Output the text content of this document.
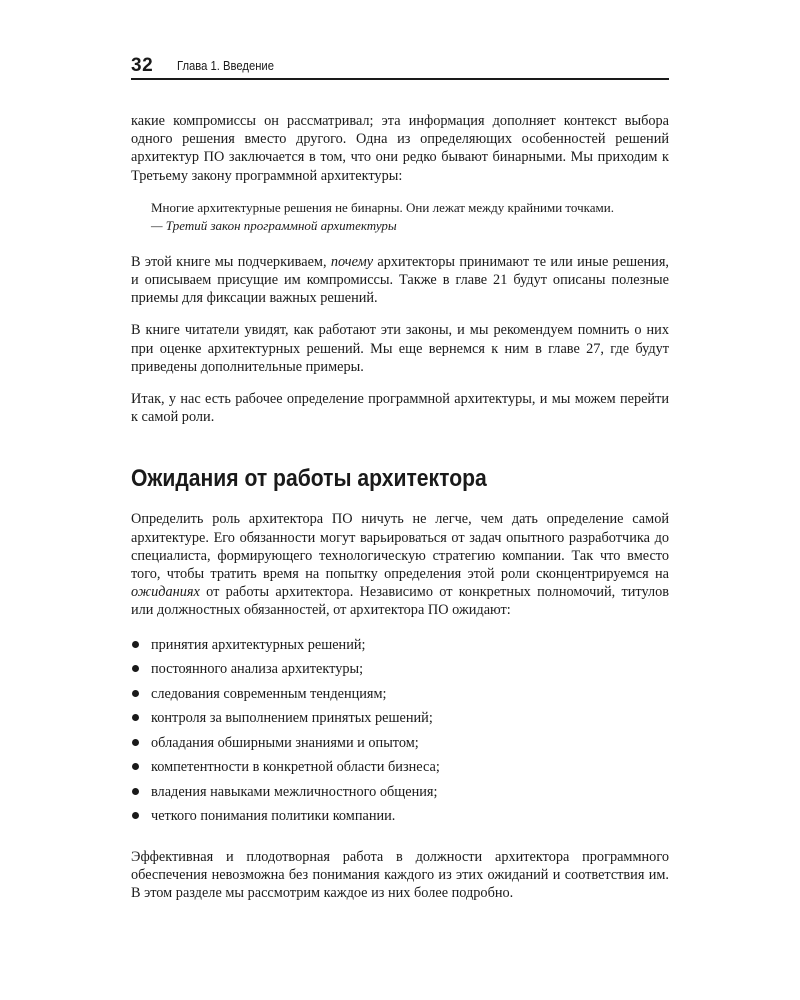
32 Глава 1. Введение

какие компромиссы он рассматривал; эта информация дополняет контекст выбора одного решения вместо другого. Одна из определяющих особенностей решений архитектур ПО заключается в том, что они редко бывают бинарными. Мы приходим к Третьему закону программной архитектуры:

Многие архитектурные решения не бинарны. Они лежат между крайними точками.
— Третий закон программной архитектуры

В этой книге мы подчеркиваем, почему архитекторы принимают те или иные решения, и описываем присущие им компромиссы. Также в главе 21 будут описаны полезные приемы для фиксации важных решений.

В книге читатели увидят, как работают эти законы, и мы рекомендуем помнить о них при оценке архитектурных решений. Мы еще вернемся к ним в главе 27, где будут приведены дополнительные примеры.

Итак, у нас есть рабочее определение программной архитектуры, и мы можем перейти к самой роли.

Ожидания от работы архитектора

Определить роль архитектора ПО ничуть не легче, чем дать определение самой архитектуре. Его обязанности могут варьироваться от задач опытного разработчика до специалиста, формирующего технологическую стратегию компании. Так что вместо того, чтобы тратить время на попытку определения этой роли сконцентрируемся на ожиданиях от работы архитектора. Независимо от конкретных полномочий, титулов или должностных обязанностей, от архитектора ПО ожидают:

принятия архитектурных решений;
постоянного анализа архитектуры;
следования современным тенденциям;
контроля за выполнением принятых решений;
обладания обширными знаниями и опытом;
компетентности в конкретной области бизнеса;
владения навыками межличностного общения;
четкого понимания политики компании.

Эффективная и плодотворная работа в должности архитектора программного обеспечения невозможна без понимания каждого из этих ожиданий и соответствия им. В этом разделе мы рассмотрим каждое из них более подробно.
